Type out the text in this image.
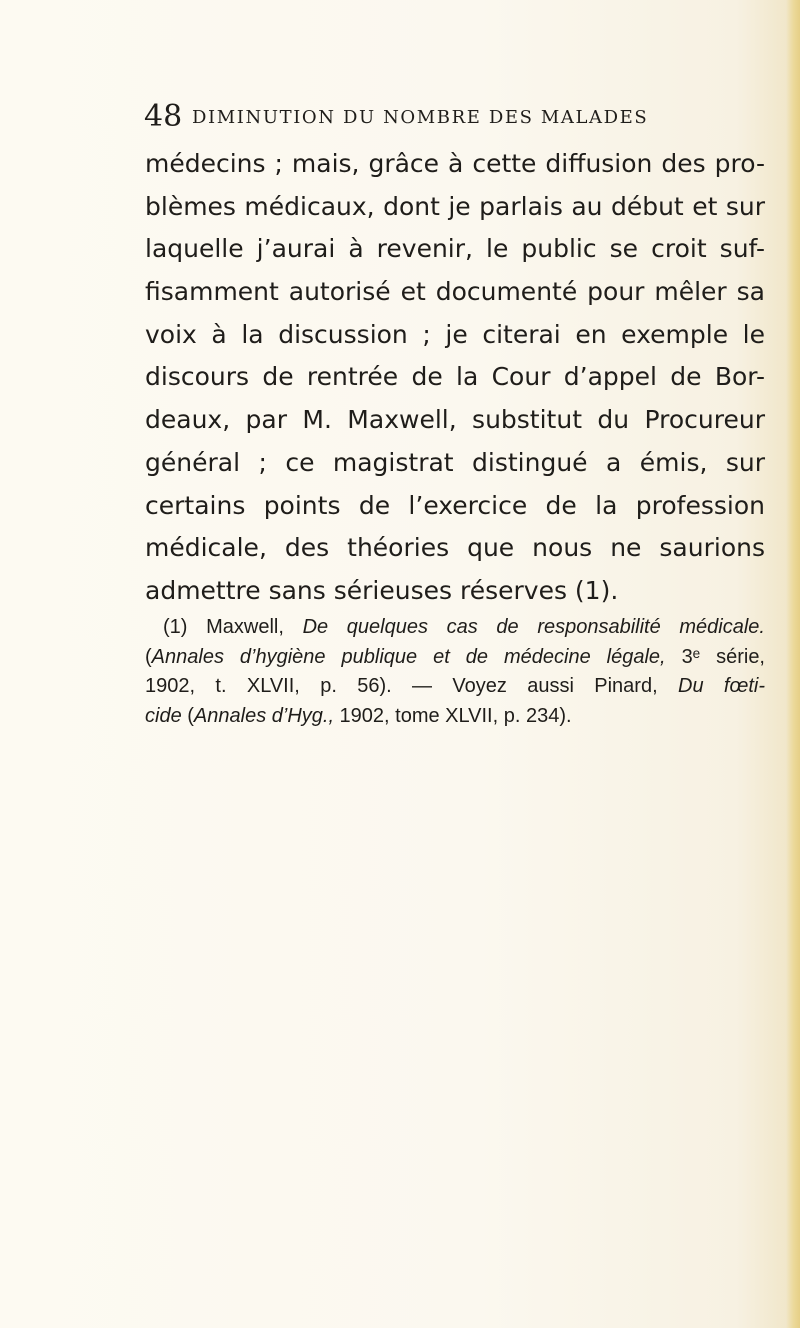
48 DIMINUTION DU NOMBRE DES MALADES
médecins ; mais, grâce à cette diffusion des pro-
blèmes médicaux, dont je parlais au début et sur
laquelle j’aurai à revenir, le public se croit suf-
fisamment autorisé et documenté pour mêler sa
voix à la discussion ; je citerai en exemple le
discours de rentrée de la Cour d’appel de Bor-
deaux, par M. Maxwell, substitut du Procureur
général ; ce magistrat distingué a émis, sur
certains points de l’exercice de la profession
médicale, des théories que nous ne saurions
admettre sans sérieuses réserves (1).
(1) Maxwell, De quelques cas de responsabilité médicale.
(Annales d’hygiène publique et de médecine légale, 3ᵉ série,
1902, t. XLVII, p. 56). — Voyez aussi Pinard, Du fœti-
cide (Annales d’Hyg., 1902, tome XLVII, p. 234).
